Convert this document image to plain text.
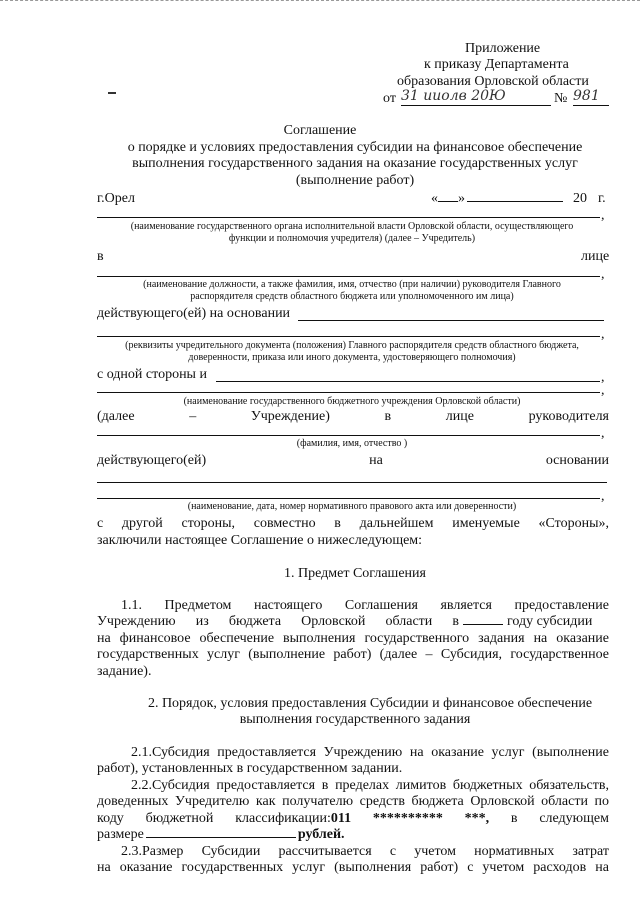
Приложение
к приказу Департамента
образования Орловской области
от 31 ииолв 20Ю	№ 981
Соглашение
о порядке и условиях предоставления субсидии на финансовое обеспечение
выполнения государственного задания на оказание государственных услуг
(выполнение работ)
г.Орел	« »	20 г.
,
(наименование государственного органа исполнительной власти Орловской области, осуществляющего
функции и полномочия учредителя) (далее – Учредитель)
в	лице
,
(наименование должности, а также фамилия, имя, отчество (при наличии) руководителя Главного
распорядителя средств областного бюджета или уполномоченного им лица)
действующего(ей) на основании
,
(реквизиты учредительного документа (положения) Главного распорядителя средств областного бюджета,
доверенности, приказа или иного документа, удостоверяющего полномочия)
с одной стороны и	,
,
(наименование государственного бюджетного учреждения Орловской области)
(далее	–	Учреждение)	в	лице	руководителя
,
(фамилия, имя, отчество )
действующего(ей)	на	основании
,
(наименование, дата, номер нормативного правового акта или доверенности)
с другой стороны, совместно в дальнейшем именуемые «Стороны»,
заключили настоящее Соглашение о нижеследующем:
1. Предмет Соглашения
1.1. Предметом настоящего Соглашения является предоставление
Учреждению из бюджета Орловской области в	году субсидии
на финансовое обеспечение выполнения государственного задания на оказание
государственных услуг (выполнение работ) (далее – Субсидия, государственное
задание).
2. Порядок, условия предоставления Субсидии и финансовое обеспечение
выполнения государственного задания
2.1.Субсидия предоставляется Учреждению на оказание услуг (выполнение
работ), установленных в государственном задании.
2.2.Субсидия предоставляется в пределах лимитов бюджетных обязательств,
доведенных Учредителю как получателю средств бюджета Орловской области по
коду бюджетной классификации:011 ********** ***, в следующем
размере	рублей.
2.3.Размер Субсидии рассчитывается с учетом нормативных затрат
на оказание государственных услуг (выполнения работ) с учетом расходов на
